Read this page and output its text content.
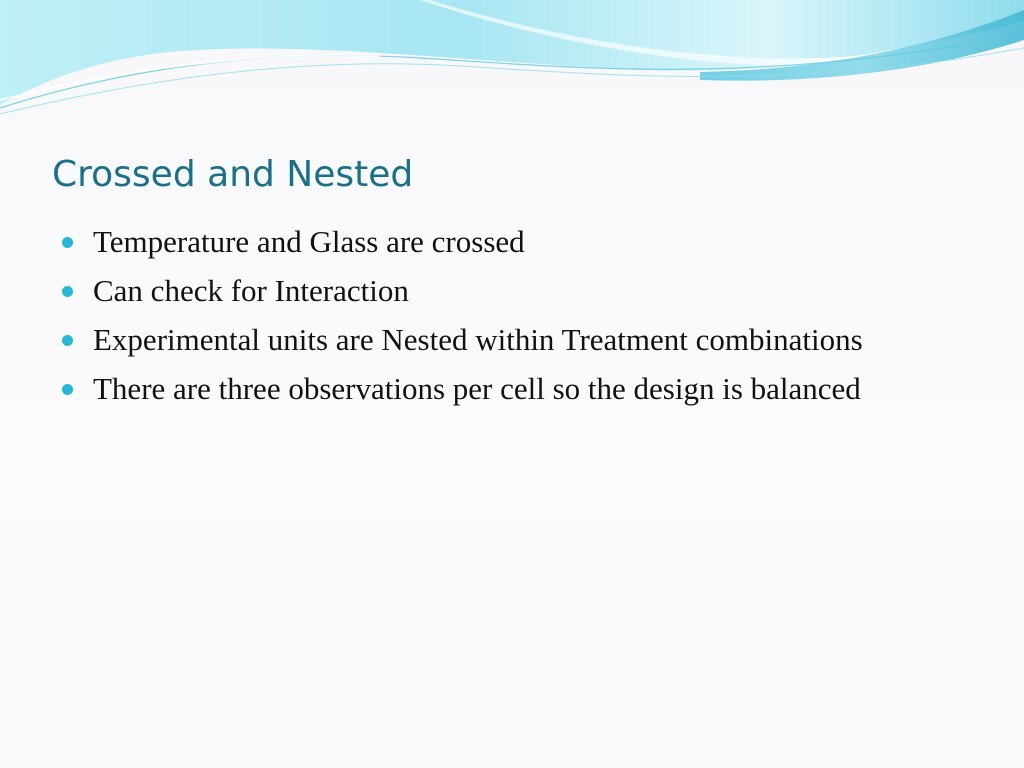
Crossed and Nested
Temperature and Glass are crossed
Can check for Interaction
Experimental units are Nested within Treatment combinations
There are three observations per cell so the design is balanced
